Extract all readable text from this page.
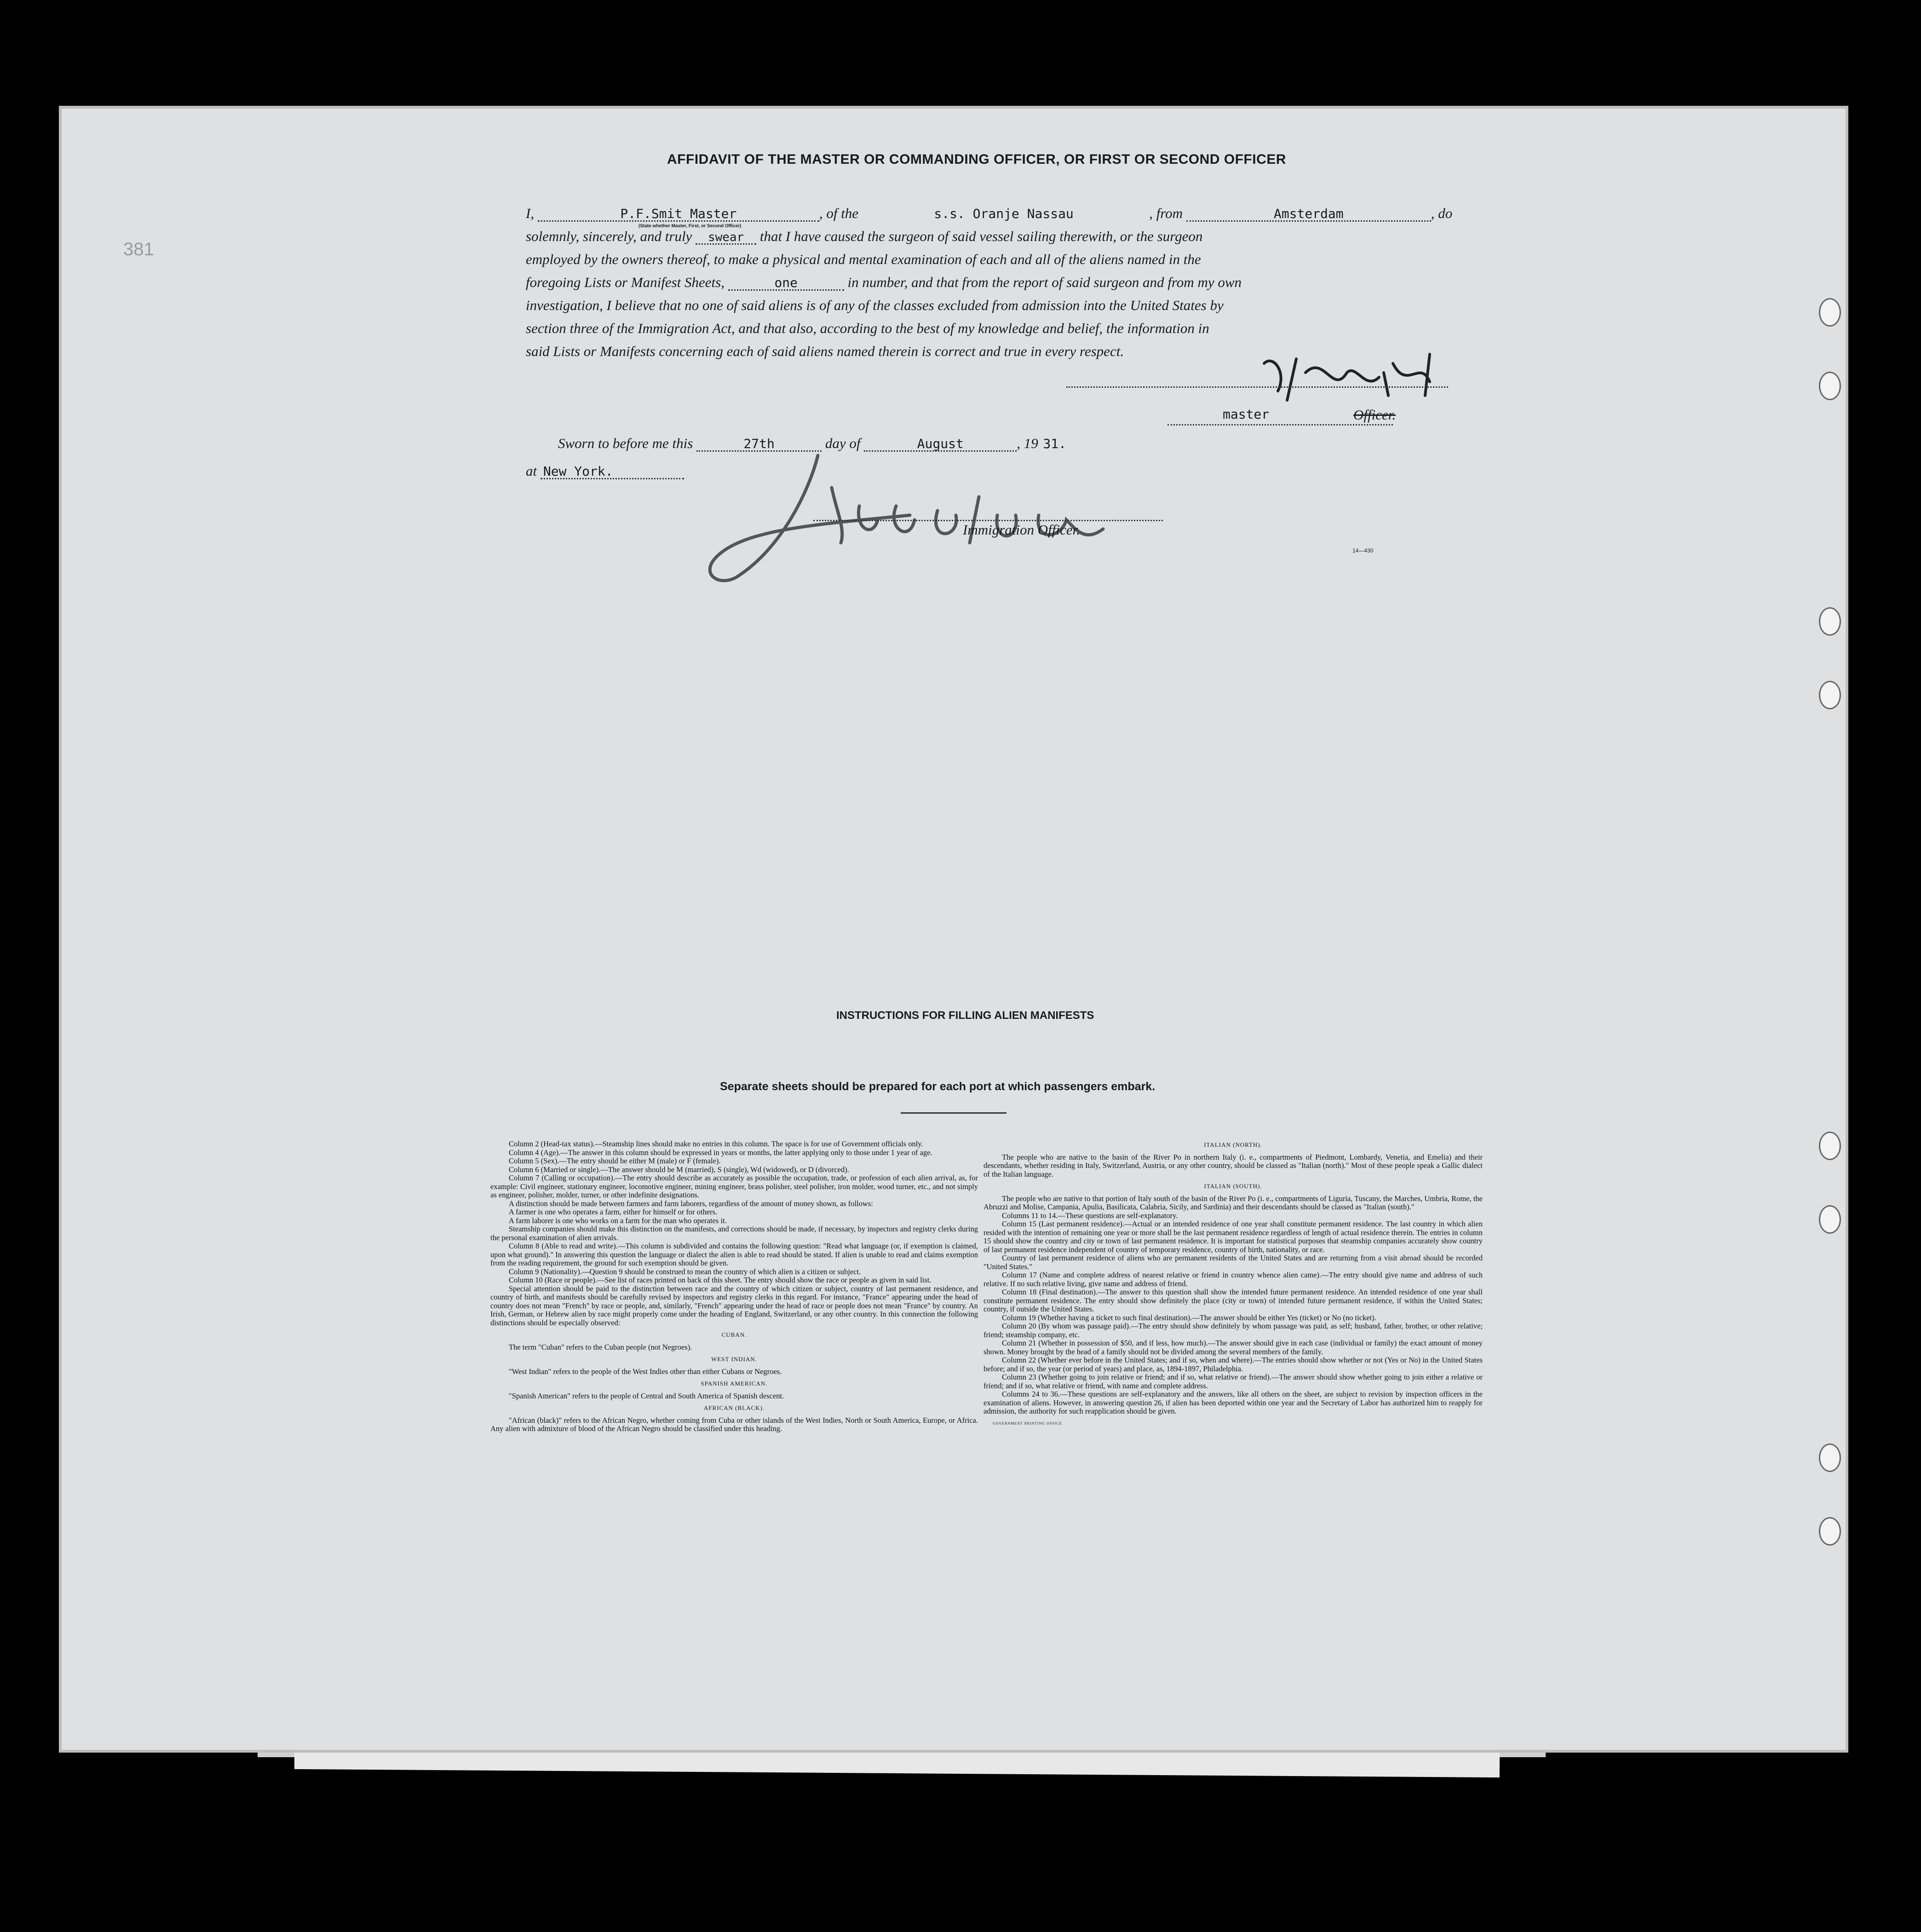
381
AFFIDAVIT OF THE MASTER OR COMMANDING OFFICER, OR FIRST OR SECOND OFFICER
I,	P.F.Smit Master	, of the	s.s. Oranje Nassau	, from	Amsterdam	, do
(State whether Master, First, or Second Officer)
solemnly, sincerely, and truly swear that I have caused the surgeon of said vessel sailing therewith, or the surgeon
employed by the owners thereof, to make a physical and mental examination of each and all of the aliens named in the
foregoing Lists or Manifest Sheets,	one	in number, and that from the report of said surgeon and from my own
investigation, I believe that no one of said aliens is of any of the classes excluded from admission into the United States by
section three of the Immigration Act, and that also, according to the best of my knowledge and belief, the information in
said Lists or Manifests concerning each of said aliens named therein is correct and true in every respect.
master	Officer.
Sworn to before me this	27th	day of	August	, 19 31.
at New York.
Immigration Officer.
14—430
INSTRUCTIONS FOR FILLING ALIEN MANIFESTS
Separate sheets should be prepared for each port at which passengers embark.

Column 2 (Head-tax status).—Steamship lines should make no entries in this column. The space is for use of Government officials only.

Column 4 (Age).—The answer in this column should be expressed in years or months, the latter applying only to those under 1 year of age.

Column 5 (Sex).—The entry should be either M (male) or F (female).

Column 6 (Married or single).—The answer should be M (married), S (single), Wd (widowed), or D (divorced).

Column 7 (Calling or occupation).—The entry should describe as accurately as possible the occupation, trade, or profession of each alien arrival, as, for example: Civil engineer, stationary engineer, locomotive engineer, mining engineer, brass polisher, steel polisher, iron molder, wood turner, etc., and not simply as engineer, polisher, molder, turner, or other indefinite designations.

A distinction should be made between farmers and farm laborers, regardless of the amount of money shown, as follows:

A farmer is one who operates a farm, either for himself or for others.

A farm laborer is one who works on a farm for the man who operates it.

Steamship companies should make this distinction on the manifests, and corrections should be made, if necessary, by inspectors and registry clerks during the personal examination of alien arrivals.

Column 8 (Able to read and write).—This column is subdivided and contains the following question: "Read what language (or, if exemption is claimed, upon what ground)." In answering this question the language or dialect the alien is able to read should be stated. If alien is unable to read and claims exemption from the reading requirement, the ground for such exemption should be given.

Column 9 (Nationality).—Question 9 should be construed to mean the country of which alien is a citizen or subject.

Column 10 (Race or people).—See list of races printed on back of this sheet. The entry should show the race or people as given in said list.

Special attention should be paid to the distinction between race and the country of which citizen or subject, country of last permanent residence, and country of birth, and manifests should be carefully revised by inspectors and registry clerks in this regard. For instance, "France" appearing under the head of country does not mean "French" by race or people, and, similarly, "French" appearing under the head of race or people does not mean "France" by country. An Irish, German, or Hebrew alien by race might properly come under the heading of England, Switzerland, or any other country. In this connection the following distinctions should be especially observed:

CUBAN.

The term "Cuban" refers to the Cuban people (not Negroes).

WEST INDIAN.

"West Indian" refers to the people of the West Indies other than either Cubans or Negroes.

SPANISH AMERICAN.

"Spanish American" refers to the people of Central and South America of Spanish descent.

AFRICAN (BLACK).

"African (black)" refers to the African Negro, whether coming from Cuba or other islands of the West Indies, North or South America, Europe, or Africa. Any alien with admixture of blood of the African Negro should be classified under this heading.

ITALIAN (NORTH).

The people who are native to the basin of the River Po in northern Italy (i. e., compartments of Piedmont, Lombardy, Venetia, and Emelia) and their descendants, whether residing in Italy, Switzerland, Austria, or any other country, should be classed as "Italian (north)." Most of these people speak a Gallic dialect of the Italian language.

ITALIAN (SOUTH).

The people who are native to that portion of Italy south of the basin of the River Po (i. e., compartments of Liguria, Tuscany, the Marches, Umbria, Rome, the Abruzzi and Molise, Campania, Apulia, Basilicata, Calabria, Sicily, and Sardinia) and their descendants should be classed as "Italian (south)."

Columns 11 to 14.—These questions are self-explanatory.

Column 15 (Last permanent residence).—Actual or an intended residence of one year shall constitute permanent residence. The last country in which alien resided with the intention of remaining one year or more shall be the last permanent residence regardless of length of actual residence therein. The entries in column 15 should show the country and city or town of last permanent residence. It is important for statistical purposes that steamship companies accurately show country of last permanent residence independent of country of temporary residence, country of birth, nationality, or race.

Country of last permanent residence of aliens who are permanent residents of the United States and are returning from a visit abroad should be recorded "United States."

Column 17 (Name and complete address of nearest relative or friend in country whence alien came).—The entry should give name and address of such relative. If no such relative living, give name and address of friend.

Column 18 (Final destination).—The answer to this question shall show the intended future permanent residence. An intended residence of one year shall constitute permanent residence. The entry should show definitely the place (city or town) of intended future permanent residence, if within the United States; country, if outside the United States.

Column 19 (Whether having a ticket to such final destination).—The answer should be either Yes (ticket) or No (no ticket).

Column 20 (By whom was passage paid).—The entry should show definitely by whom passage was paid, as self; husband, father, brother, or other relative; friend; steamship company, etc.

Column 21 (Whether in possession of $50, and if less, how much).—The answer should give in each case (individual or family) the exact amount of money shown. Money brought by the head of a family should not be divided among the several members of the family.

Column 22 (Whether ever before in the United States; and if so, when and where).—The entries should show whether or not (Yes or No) in the United States before; and if so, the year (or period of years) and place, as, 1894-1897, Philadelphia.

Column 23 (Whether going to join relative or friend; and if so, what relative or friend).—The answer should show whether going to join either a relative or friend; and if so, what relative or friend, with name and complete address.

Columns 24 to 36.—These questions are self-explanatory and the answers, like all others on the sheet, are subject to revision by inspection officers in the examination of aliens. However, in answering question 26, if alien has been deported within one year and the Secretary of Labor has authorized him to reapply for admission, the authority for such reapplication should be given.

GOVERNMENT PRINTING OFFICE
